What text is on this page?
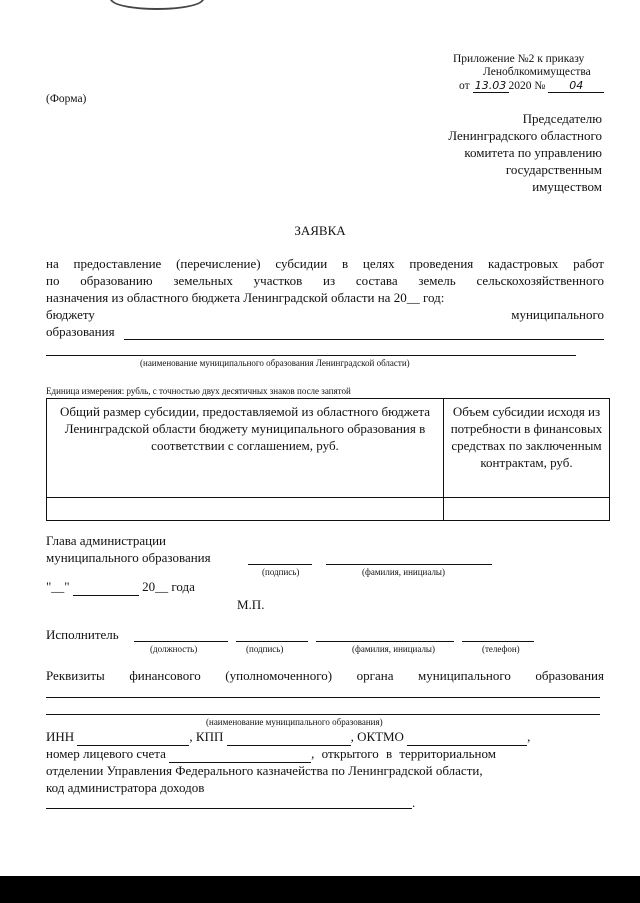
Приложение №2 к приказу
Леноблкомимущества
от 13.03 2020 № 04
(Форма)
Председателю
Ленинградского областного
комитета по управлению
государственным
имуществом
ЗАЯВКА
на предоставление (перечисление) субсидии в целях проведения кадастровых работ
по образованию земельных участков из состава земель сельскохозяйственного
назначения из областного бюджета Ленинградской области на 20__ год:
бюджету	муниципального
образования
(наименование муниципального образования Ленинградской области)
Единица измерения: рубль, с точностью двух десятичных знаков после запятой
Общий размер субсидии, предоставляемой из областного бюджета Ленинградской области бюджету муниципального образования в соответствии с соглашением, руб.	Объем субсидии исходя из потребности в финансовых средствах по заключенным контрактам, руб.

Глава администрации
муниципального образования
(подпись)	(фамилия, инициалы)
"__"	20__ года
М.П.
Исполнитель
(должность)	(подпись)	(фамилия, инициалы)	(телефон)
Реквизиты финансового (уполномоченного) органа муниципального образования
(наименование муниципального образования)
ИНН	, КПП	, ОКТМО	,
номер лицевого счета	, открытого в территориальном
отделении Управления Федерального казначейства по Ленинградской области,
код администратора доходов
.
